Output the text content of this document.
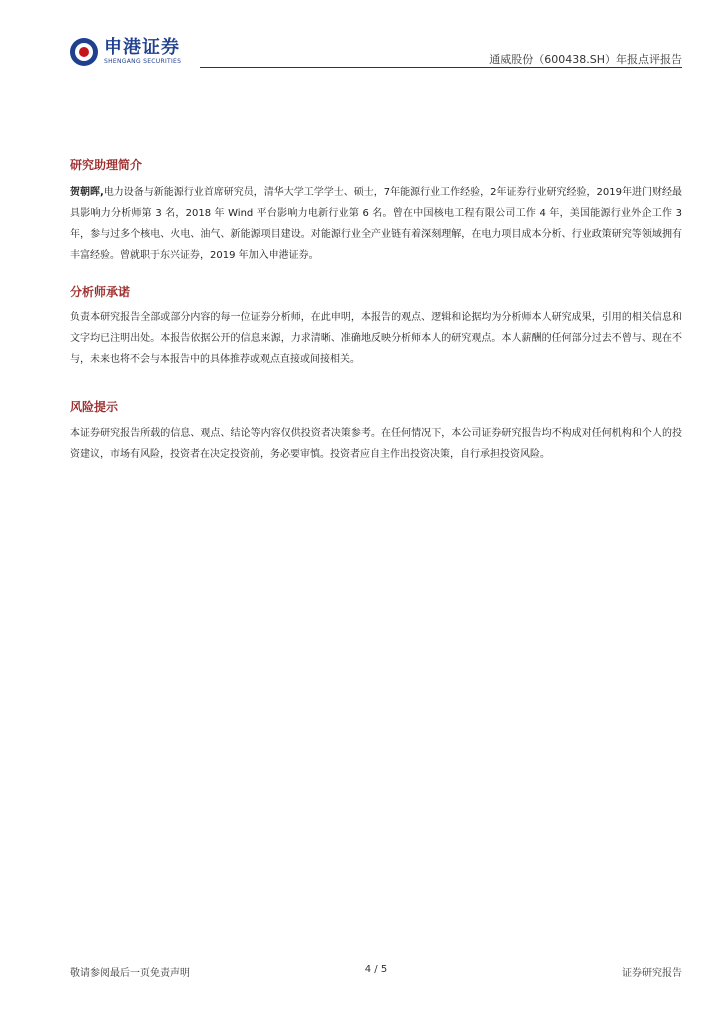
申港证券
SHENGANG SECURITIES	通威股份（600438.SH）年报点评报告
研究助理简介
贺朝晖,电力设备与新能源行业首席研究员，清华大学工学学士、硕士，7年能源行业工作经验，2年证券行业研究经验，2019年进门财经最具影响力分析师第 3 名，2018 年 Wind 平台影响力电新行业第 6 名。曾在中国核电工程有限公司工作 4 年，美国能源行业外企工作 3 年，参与过多个核电、火电、油气、新能源项目建设。对能源行业全产业链有着深刻理解，在电力项目成本分析、行业政策研究等领域拥有丰富经验。曾就职于东兴证券，2019 年加入申港证券。
分析师承诺
负责本研究报告全部或部分内容的每一位证券分析师，在此申明，本报告的观点、逻辑和论据均为分析师本人研究成果，引用的相关信息和文字均已注明出处。本报告依据公开的信息来源，力求清晰、准确地反映分析师本人的研究观点。本人薪酬的任何部分过去不曾与、现在不与，未来也将不会与本报告中的具体推荐或观点直接或间接相关。
风险提示
本证券研究报告所载的信息、观点、结论等内容仅供投资者决策参考。在任何情况下，本公司证券研究报告均不构成对任何机构和个人的投资建议，市场有风险，投资者在决定投资前，务必要审慎。投资者应自主作出投资决策，自行承担投资风险。
敬请参阅最后一页免责声明	4 / 5	证券研究报告
